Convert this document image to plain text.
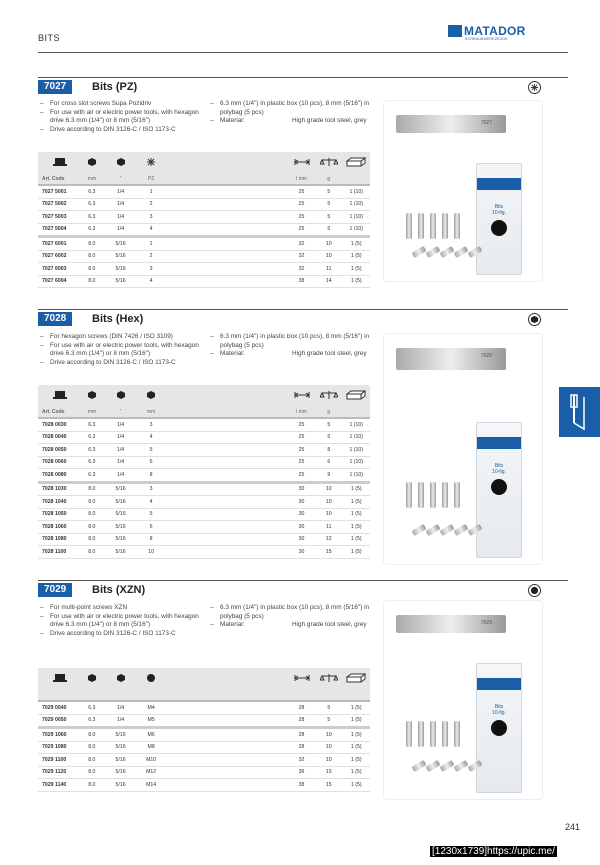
BITS	MATADOR
SCHRAUBWERKZEUGE
7027	Bits (PZ)
– For cross slot screws Supa Pozidriv
– For use with air or electric power tools, with hexagon drive 6.3 mm (1/4") or 8 mm (5/16")
– Drive according to DIN 3126-C / ISO 1173-C
– 6.3 mm (1/4") in plastic box (10 pcs), 8 mm (5/16") in polybag (5 pcs)
– Material:	High grade tool steel, grey

Art. Code	mm	"	PZ		l mm	g	
7027 5001	6.3	1/4	1		25	5	1 (10)
7027 5002	6.3	1/4	2		25	5	1 (10)
7027 5003	6.3	1/4	3		25	5	1 (10)
7027 5004	6.3	1/4	4		25	5	1 (10)
7027 6001	8.0	5/16	1		32	10	1 (5)
7027 6002	8.0	5/16	2		32	10	1 (5)
7027 6003	8.0	5/16	3		32	11	1 (5)
7027 6004	8.0	5/16	4		38	14	1 (5)
7027
Bits
10-fig.
7028	Bits (Hex)
– For hexagon screws (DIN 7426 / ISO 3109)
– For use with air or electric power tools, with hexagon drive 6.3 mm (1/4") or 8 mm (5/16")
– Drive according to DIN 3126-C / ISO 1173-C
– 6.3 mm (1/4") in plastic box (10 pcs), 8 mm (5/16") in polybag (5 pcs)
– Material:	High grade tool steel, grey

Art. Code	mm	"	mm		l mm	g	
7028 0030	6.3	1/4	3		25	5	1 (10)
7028 0040	6.3	1/4	4		25	5	1 (10)
7028 0050	6.3	1/4	5		25	8	1 (10)
7028 0060	6.3	1/4	6		25	6	1 (10)
7028 0080	6.3	1/4	8		25	9	1 (10)
7028 1030	8.0	5/16	3		30	10	1 (5)
7028 1040	8.0	5/16	4		30	10	1 (5)
7028 1050	8.0	5/16	5		30	10	1 (5)
7028 1060	8.0	5/16	6		30	11	1 (5)
7028 1080	8.0	5/16	8		30	12	1 (5)
7028 1100	8.0	5/16	10		30	15	1 (5)
7028
Bits
10-fig.
7029	Bits (XZN)
– For multi-point screws XZN
– For use with air or electric power tools, with hexagon drive 6.3 mm (1/4") or 8 mm (5/16")
– Drive according to DIN 3126-C / ISO 1173-C
– 6.3 mm (1/4") in plastic box (10 pcs), 8 mm (5/16") in polybag (5 pcs)
– Material:	High grade tool steel, grey

7029 0040	6.3	1/4	M4		28	5	1 (5)
7029 0050	6.3	1/4	M5		28	5	1 (5)
7029 1060	8.0	5/16	M6		28	10	1 (5)
7029 1080	8.0	5/16	M8		28	10	1 (5)
7029 1100	8.0	5/16	M10		32	10	1 (5)
7029 1120	8.0	5/16	M12		36	15	1 (5)
7029 1140	8.0	5/16	M14		38	15	1 (5)
7029
Bits
10-fig.
241
[1230x1739]https://upic.me/
